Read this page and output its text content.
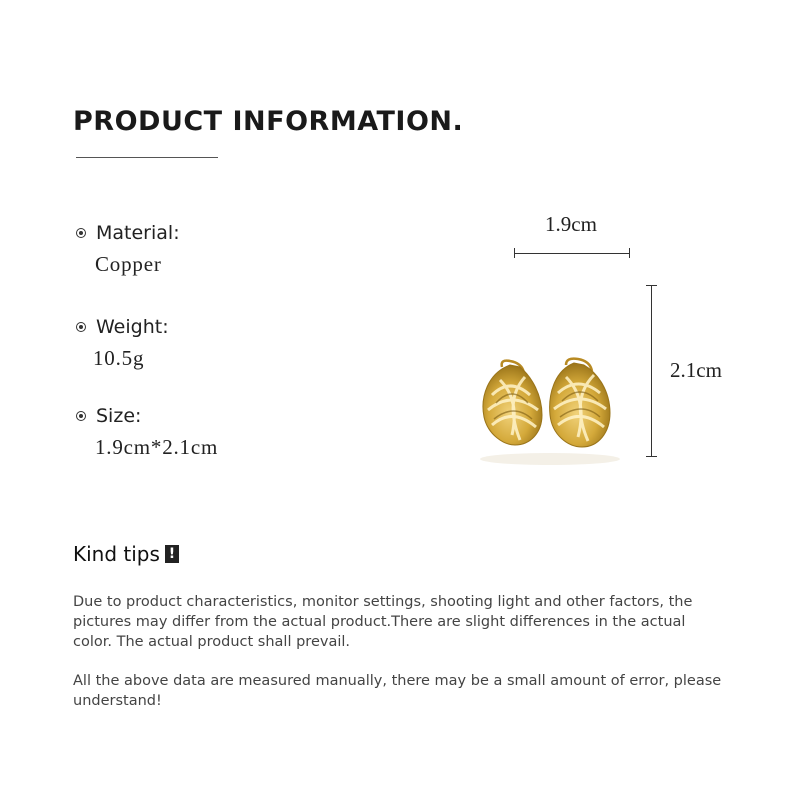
PRODUCT INFORMATION.
Material:
Copper
Weight:
10.5g
Size:
1.9cm*2.1cm
1.9cm
2.1cm
Kind tips !
Due to product characteristics, monitor settings, shooting light and other factors, the pictures may differ from the actual product.There are slight differences in the actual color. The actual product shall prevail.
All the above data are measured manually, there may be a small amount of error, please understand!
